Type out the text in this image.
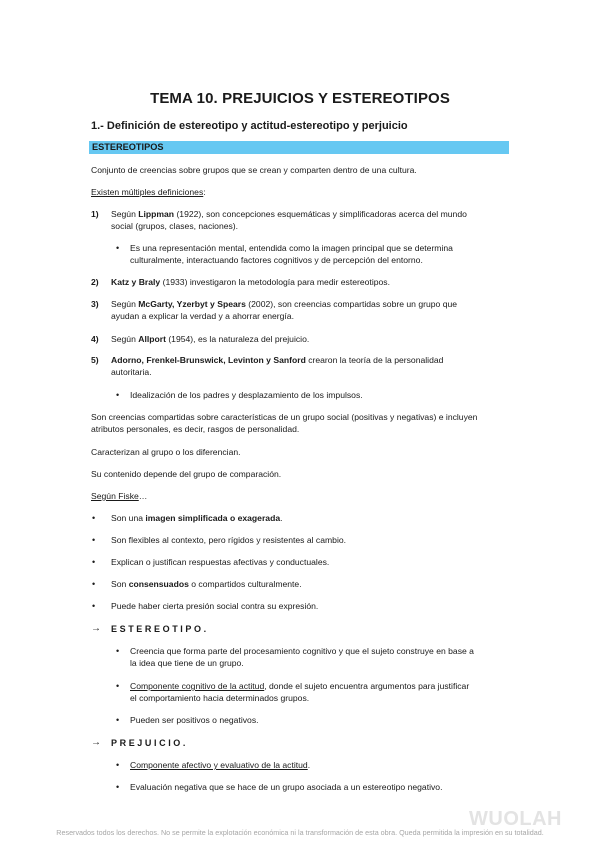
TEMA 10. PREJUICIOS Y ESTEREOTIPOS
1.- Definición de estereotipo y actitud-estereotipo y perjuicio
ESTEREOTIPOS
Conjunto de creencias sobre grupos que se crean y comparten dentro de una cultura.
Existen múltiples definiciones:
1)	Según Lippman (1922), son concepciones esquemáticas y simplificadoras acerca del mundo
social (grupos, clases, naciones).
• Es una representación mental, entendida como la imagen principal que se determina
culturalmente, interactuando factores cognitivos y de percepción del entorno.
2)	Katz y Braly (1933) investigaron la metodología para medir estereotipos.
3)	Según McGarty, Yzerbyt y Spears (2002), son creencias compartidas sobre un grupo que
ayudan a explicar la verdad y a ahorrar energía.
4)	Según Allport (1954), es la naturaleza del prejuicio.
5)	Adorno, Frenkel-Brunswick, Levinton y Sanford crearon la teoría de la personalidad
autoritaria.
• Idealización de los padres y desplazamiento de los impulsos.
Son creencias compartidas sobre características de un grupo social (positivas y negativas) e incluyen
atributos personales, es decir, rasgos de personalidad.
Caracterizan al grupo o los diferencian.
Su contenido depende del grupo de comparación.
Según Fiske…
• Son una imagen simplificada o exagerada.
• Son flexibles al contexto, pero rígidos y resistentes al cambio.
• Explican o justifican respuestas afectivas y conductuales.
• Son consensuados o compartidos culturalmente.
• Puede haber cierta presión social contra su expresión.
→ ESTEREOTIPO.
• Creencia que forma parte del procesamiento cognitivo y que el sujeto construye en base a
la idea que tiene de un grupo.
• Componente cognitivo de la actitud, donde el sujeto encuentra argumentos para justificar
el comportamiento hacia determinados grupos.
• Pueden ser positivos o negativos.
→ PREJUICIO.
• Componente afectivo y evaluativo de la actitud.
• Evaluación negativa que se hace de un grupo asociada a un estereotipo negativo.
WUOLAH
Reservados todos los derechos. No se permite la explotación económica ni la transformación de esta obra. Queda permitida la impresión en su totalidad.
